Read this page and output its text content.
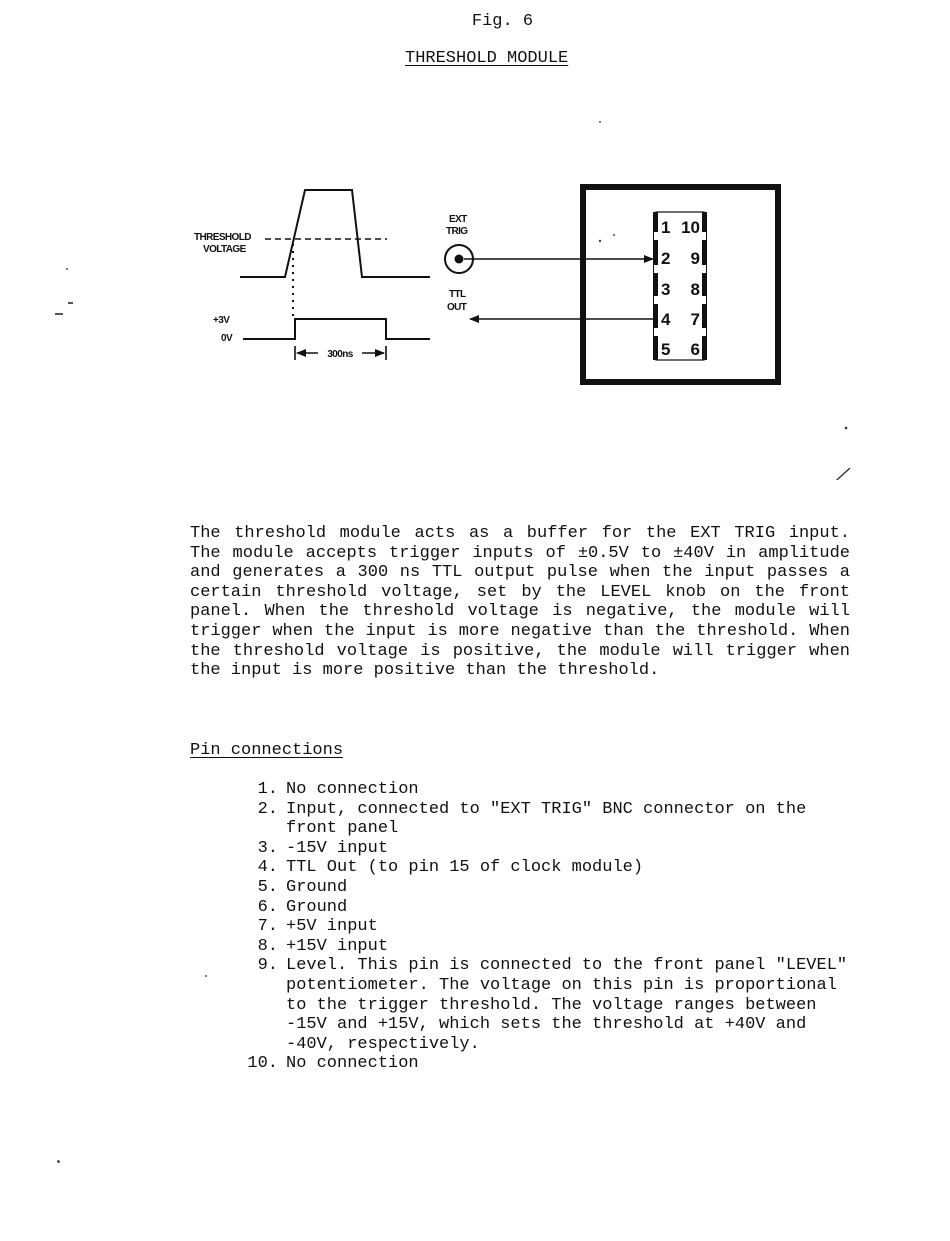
Fig. 6
THRESHOLD MODULE
THRESHOLD
VOLTAGE
+3V
0V
300ns
EXT
TRIG
TTL
OUT
1 10
2 9
3 8
4 7
5 6

The threshold module acts as a buffer for the EXT TRIG input. The module accepts trigger inputs of ±0.5V to ±40V in amplitude and generates a 300 ns TTL output pulse when the input passes a certain threshold voltage, set by the LEVEL knob on the front panel. When the threshold voltage is negative, the module will trigger when the input is more negative than the threshold. When the threshold voltage is positive, the module will trigger when the input is more positive than the threshold.

Pin connections
1. No connection
2. Input, connected to "EXT TRIG" BNC connector on the front panel
3. -15V input
4. TTL Out (to pin 15 of clock module)
5. Ground
6. Ground
7. +5V input
8. +15V input
9. Level. This pin is connected to the front panel "LEVEL" potentiometer. The voltage on this pin is proportional to the trigger threshold. The voltage ranges between -15V and +15V, which sets the threshold at +40V and -40V, respectively.
10. No connection
